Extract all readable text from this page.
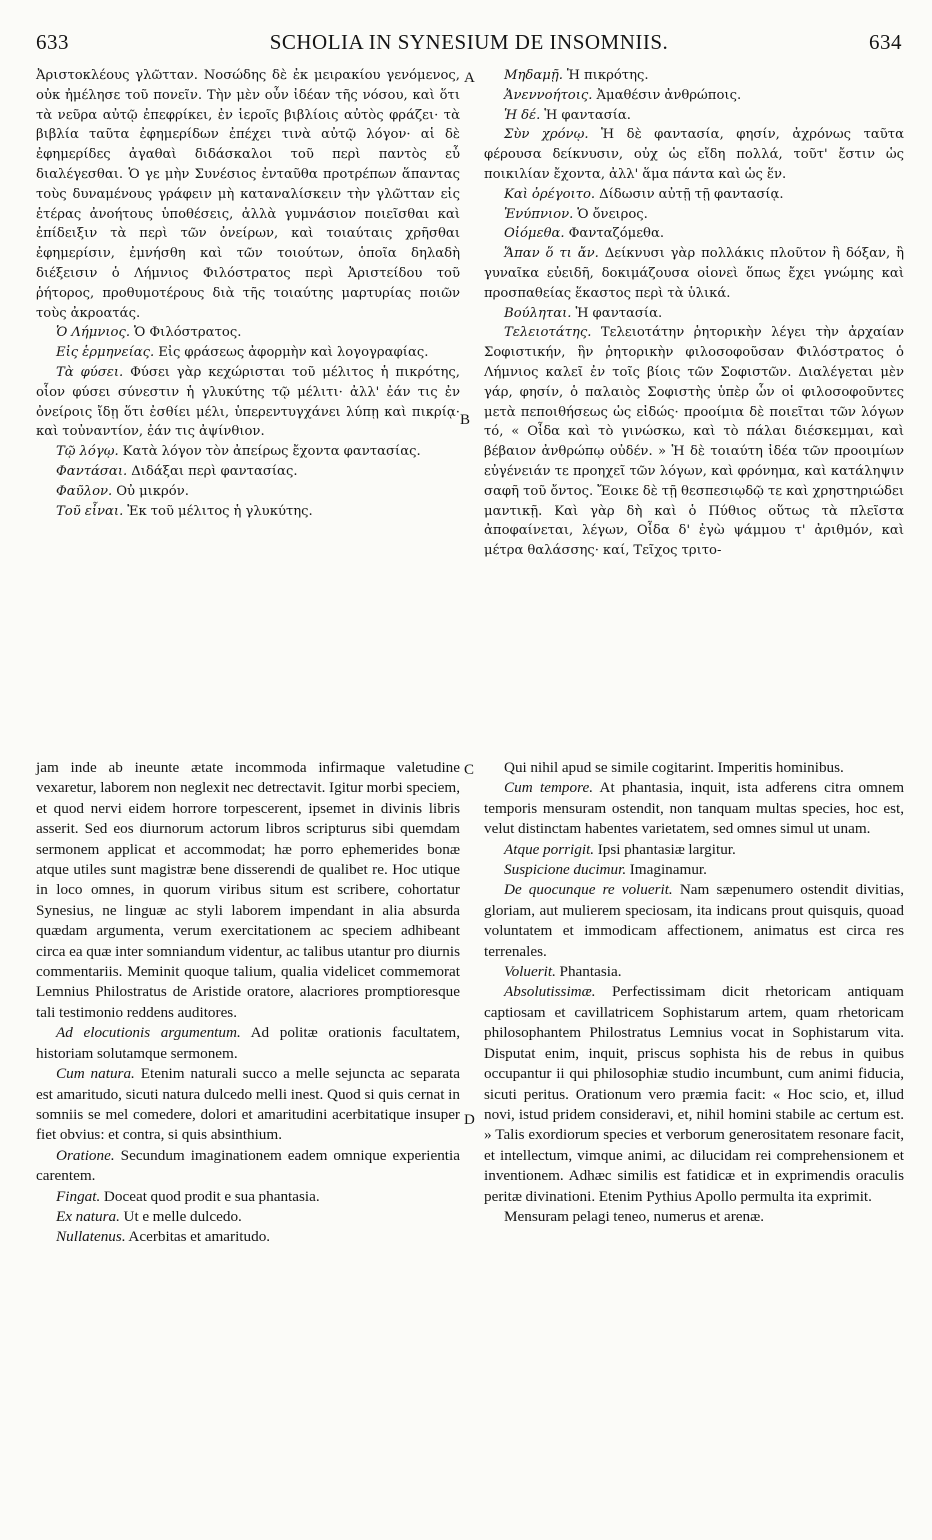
633	SCHOLIA IN SYNESIUM DE INSOMNIIS.	634
A
B
C
D

Ἀριστοκλέους γλῶτταν. Νοσώδης δὲ ἐκ μειρακίου γενόμενος, οὐκ ἠμέλησε τοῦ πονεῖν. Τὴν μὲν οὖν ἰδέαν τῆς νόσου, καὶ ὅτι τὰ νεῦρα αὐτῷ ἐπεφρίκει, ἐν ἱεροῖς βιβλίοις αὐτὸς φράζει· τὰ βιβλία ταῦτα ἐφημερίδων ἐπέχει τινὰ αὐτῷ λόγον· αἱ δὲ ἐφημερίδες ἀγαθαὶ διδάσκαλοι τοῦ περὶ παντὸς εὖ διαλέγεσθαι. Ὁ γε μὴν Συνέσιος ἐνταῦθα προτρέπων ἅπαντας τοὺς δυναμένους γράφειν μὴ καταναλίσκειν τὴν γλῶτταν εἰς ἑτέρας ἀνοήτους ὑποθέσεις, ἀλλὰ γυμνάσιον ποιεῖσθαι καὶ ἐπίδειξιν τὰ περὶ τῶν ὀνείρων, καὶ τοιαύταις χρῆσθαι ἐφημερίσιν, ἐμνήσθη καὶ τῶν τοιούτων, ὁποῖα δηλαδὴ διέξεισιν ὁ Λήμνιος Φιλόστρατος περὶ Ἀριστείδου τοῦ ῥήτορος, προθυμοτέρους διὰ τῆς τοιαύτης μαρτυρίας ποιῶν τοὺς ἀκροατάς.

Ὁ Λήμνιος. Ὁ Φιλόστρατος.

Εἰς ἑρμηνείας. Εἰς φράσεως ἀφορμὴν καὶ λογογραφίας.

Τὰ φύσει. Φύσει γὰρ κεχώρισται τοῦ μέλιτος ἡ πικρότης, οἷον φύσει σύνεστιν ἡ γλυκύτης τῷ μέλιτι· ἀλλ' ἐάν τις ἐν ὀνείροις ἴδῃ ὅτι ἐσθίει μέλι, ὑπερεντυγχάνει λύπῃ καὶ πικρίᾳ· καὶ τοὐναντίον, ἐάν τις ἀψίνθιον.

Τῷ λόγῳ. Κατὰ λόγον τὸν ἀπείρως ἔχοντα φαντασίας.

Φαντάσαι. Διδάξαι περὶ φαντασίας.

Φαῦλον. Οὐ μικρόν.

Τοῦ εἶναι. Ἐκ τοῦ μέλιτος ἡ γλυκύτης.

Μηδαμῇ. Ἡ πικρότης.

Ἀνεννοήτοις. Ἀμαθέσιν ἀνθρώποις.

Ἡ δέ. Ἡ φαντασία.

Σὺν χρόνῳ. Ἡ δὲ φαντασία, φησίν, ἀχρόνως ταῦτα φέρουσα δείκνυσιν, οὐχ ὡς εἴδη πολλά, τοῦτ' ἔστιν ὡς ποικιλίαν ἔχοντα, ἀλλ' ἅμα πάντα καὶ ὡς ἕν.

Καὶ ὀρέγοιτο. Δίδωσιν αὐτῇ τῇ φαντασίᾳ.

Ἐνύπνιον. Ὁ ὄνειρος.

Οἰόμεθα. Φανταζόμεθα.

Ἅπαν ὅ τι ἄν. Δείκνυσι γὰρ πολλάκις πλοῦτον ἢ δόξαν, ἢ γυναῖκα εὐειδῆ, δοκιμάζουσα οἱονεὶ ὅπως ἔχει γνώμης καὶ προσπαθείας ἕκαστος περὶ τὰ ὑλικά.

Βούληται. Ἡ φαντασία.

Τελειοτάτης. Τελειοτάτην ῥητορικὴν λέγει τὴν ἀρχαίαν Σοφιστικήν, ἣν ῥητορικὴν φιλοσοφοῦσαν Φιλόστρατος ὁ Λήμνιος καλεῖ ἐν τοῖς βίοις τῶν Σοφιστῶν. Διαλέγεται μὲν γάρ, φησίν, ὁ παλαιὸς Σοφιστὴς ὑπὲρ ὧν οἱ φιλοσοφοῦντες μετὰ πεποιθήσεως ὡς εἰδώς· προοίμια δὲ ποιεῖται τῶν λόγων τό, « Οἶδα καὶ τὸ γινώσκω, καὶ τὸ πάλαι διέσκεμμαι, καὶ βέβαιον ἀνθρώπῳ οὐδέν. » Ἡ δὲ τοιαύτη ἰδέα τῶν προοιμίων εὐγένειάν τε προηχεῖ τῶν λόγων, καὶ φρόνημα, καὶ κατάληψιν σαφῆ τοῦ ὄντος. Ἔοικε δὲ τῇ θεσπεσιῳδῷ τε καὶ χρηστηριώδει μαντικῇ. Καὶ γὰρ δὴ καὶ ὁ Πύθιος οὕτως τὰ πλεῖστα ἀποφαίνεται, λέγων, Οἶδα δ' ἐγὼ ψάμμου τ' ἀριθμόν, καὶ μέτρα θαλάσσης· καί, Τεῖχος τριτο-

jam inde ab ineunte ætate incommoda infirmaque valetudine vexaretur, laborem non neglexit nec detrectavit. Igitur morbi speciem, et quod nervi eidem horrore torpescerent, ipsemet in divinis libris asserit. Sed eos diurnorum actorum libros scripturus sibi quemdam sermonem applicat et accommodat; hæ porro ephemerides bonæ atque utiles sunt magistræ bene disserendi de qualibet re. Hoc utique in loco omnes, in quorum viribus situm est scribere, cohortatur Synesius, ne linguæ ac styli laborem impendant in alia absurda quædam argumenta, verum exercitationem ac speciem adhibeant circa ea quæ inter somniandum videntur, ac talibus utantur pro diurnis commentariis. Meminit quoque talium, qualia videlicet commemorat Lemnius Philostratus de Aristide oratore, alacriores promptioresque tali testimonio reddens auditores.

Ad elocutionis argumentum. Ad politæ orationis facultatem, historiam solutamque sermonem.

Cum natura. Etenim naturali succo a melle sejuncta ac separata est amaritudo, sicuti natura dulcedo melli inest. Quod si quis cernat in somniis se mel comedere, dolori et amaritudini acerbitatique insuper fiet obvius: et contra, si quis absinthium.

Oratione. Secundum imaginationem eadem omnique experientia carentem.

Fingat. Doceat quod prodit e sua phantasia.

Ex natura. Ut e melle dulcedo.

Nullatenus. Acerbitas et amaritudo.

Qui nihil apud se simile cogitarint. Imperitis hominibus.

Cum tempore. At phantasia, inquit, ista adferens citra omnem temporis mensuram ostendit, non tanquam multas species, hoc est, velut distinctam habentes varietatem, sed omnes simul ut unam.

Atque porrigit. Ipsi phantasiæ largitur.

Suspicione ducimur. Imaginamur.

De quocunque re voluerit. Nam sæpenumero ostendit divitias, gloriam, aut mulierem speciosam, ita indicans prout quisquis, quoad voluntatem et immodicam affectionem, animatus est circa res terrenales.

Voluerit. Phantasia.

Absolutissimæ. Perfectissimam dicit rhetoricam antiquam captiosam et cavillatricem Sophistarum artem, quam rhetoricam philosophantem Philostratus Lemnius vocat in Sophistarum vita. Disputat enim, inquit, priscus sophista his de rebus in quibus occupantur ii qui philosophiæ studio incumbunt, cum animi fiducia, sicuti peritus. Orationum vero præmia facit: « Hoc scio, et, illud novi, istud pridem consideravi, et, nihil homini stabile ac certum est. » Talis exordiorum species et verborum generositatem resonare facit, et intellectum, vimque animi, ac dilucidam rei comprehensionem et inventionem. Adhæc similis est fatidicæ et in exprimendis oraculis peritæ divinationi. Etenim Pythius Apollo permulta ita exprimit.

Mensuram pelagi teneo, numerus et arenæ.
